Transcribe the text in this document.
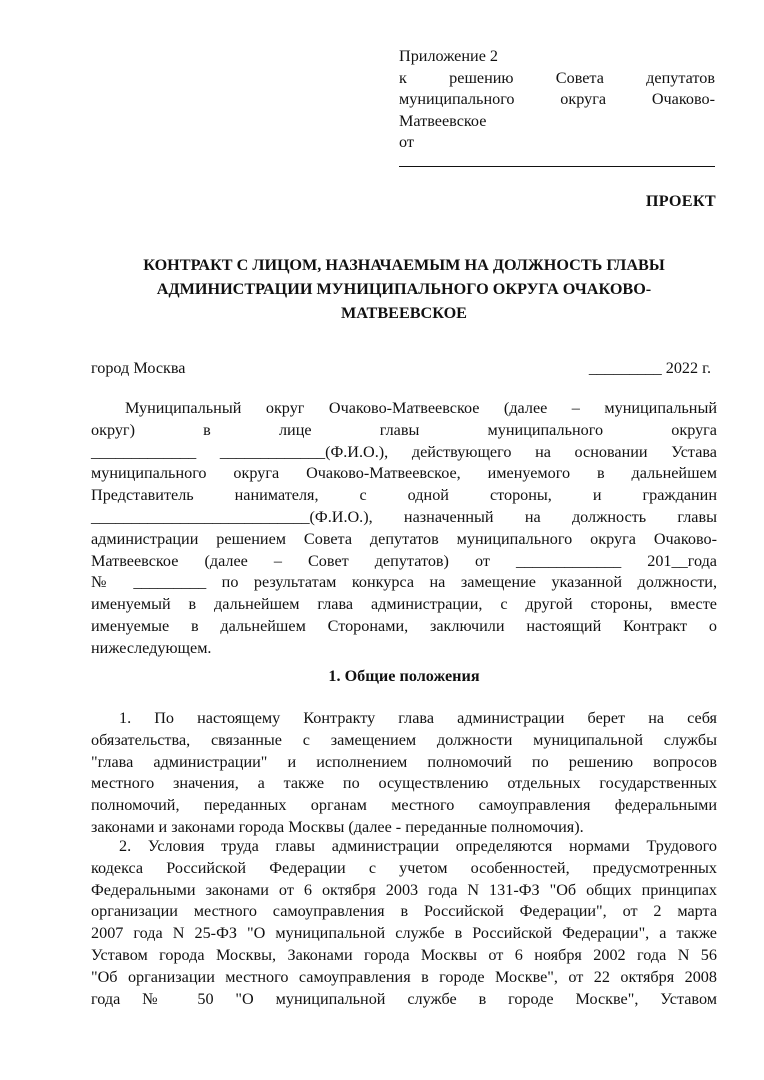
Приложение 2
к решению Совета депутатов
муниципального округа Очаково-
Матвеевское
от
ПРОЕКТ
КОНТРАКТ С ЛИЦОМ, НАЗНАЧАЕМЫМ НА ДОЛЖНОСТЬ ГЛАВЫ
АДМИНИСТРАЦИИ МУНИЦИПАЛЬНОГО ОКРУГА ОЧАКОВО-
МАТВЕЕВСКОЕ
город Москва	_________ 2022 г.
Муниципальный округ Очаково-Матвеевское (далее – муниципальный
округ) в лице главы муниципального округа
_____________ _____________(Ф.И.О.), действующего на основании Устава
муниципального округа Очаково-Матвеевское, именуемого в дальнейшем
Представитель нанимателя, с одной стороны, и гражданин
___________________________(Ф.И.О.), назначенный на должность главы
администрации решением Совета депутатов муниципального округа Очаково-
Матвеевское (далее – Совет депутатов) от _____________ 201__года
№ _________ по результатам конкурса на замещение указанной должности,
именуемый в дальнейшем глава администрации, с другой стороны, вместе
именуемые в дальнейшем Сторонами, заключили настоящий Контракт о
нижеследующем.
1. Общие положения
1. По настоящему Контракту глава администрации берет на себя
обязательства, связанные с замещением должности муниципальной службы
"глава администрации" и исполнением полномочий по решению вопросов
местного значения, а также по осуществлению отдельных государственных
полномочий, переданных органам местного самоуправления федеральными
законами и законами города Москвы (далее - переданные полномочия).
2. Условия труда главы администрации определяются нормами Трудового
кодекса Российской Федерации с учетом особенностей, предусмотренных
Федеральными законами от 6 октября 2003 года N 131-ФЗ "Об общих принципах
организации местного самоуправления в Российской Федерации", от 2 марта
2007 года N 25-ФЗ "О муниципальной службе в Российской Федерации", а также
Уставом города Москвы, Законами города Москвы от 6 ноября 2002 года N 56
"Об организации местного самоуправления в городе Москве", от 22 октября 2008
года № 50 "О муниципальной службе в городе Москве", Уставом
